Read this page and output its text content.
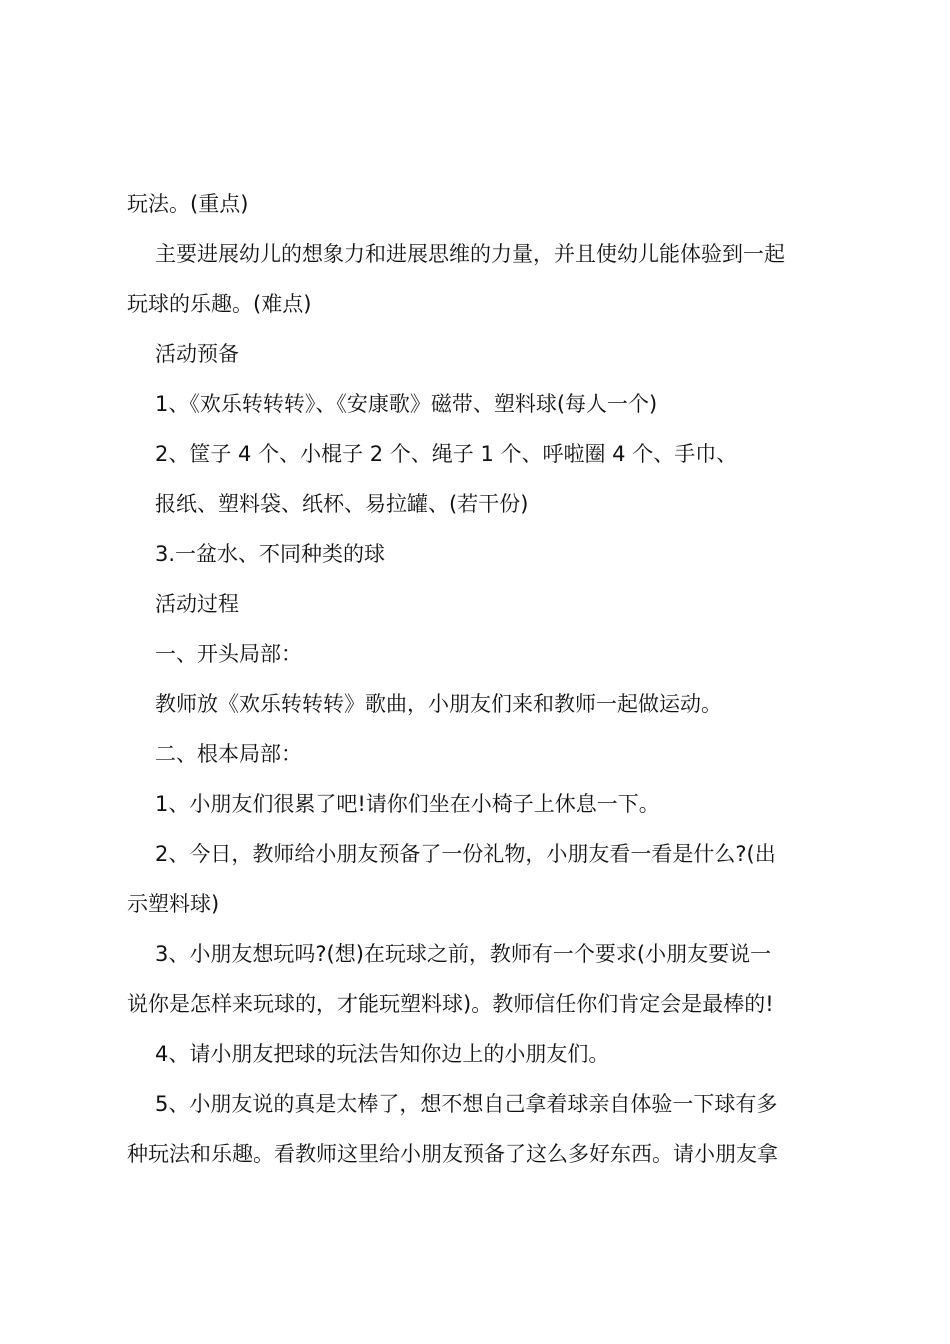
玩法。(重点)
主要进展幼儿的想象力和进展思维的力量，并且使幼儿能体验到一起
玩球的乐趣。(难点)
活动预备
1、《欢乐转转转》、《安康歌》磁带、塑料球(每人一个)
2、筐子 4 个、小棍子 2 个、绳子 1 个、呼啦圈 4 个、手巾、
报纸、塑料袋、纸杯、易拉罐、(若干份)
3.一盆水、不同种类的球
活动过程
一、开头局部：
教师放《欢乐转转转》歌曲，小朋友们来和教师一起做运动。
二、根本局部：
1、小朋友们很累了吧!请你们坐在小椅子上休息一下。
2、今日，教师给小朋友预备了一份礼物，小朋友看一看是什么?(出
示塑料球)
3、小朋友想玩吗?(想)在玩球之前，教师有一个要求(小朋友要说一
说你是怎样来玩球的，才能玩塑料球)。教师信任你们肯定会是最棒的!
4、请小朋友把球的玩法告知你边上的小朋友们。
5、小朋友说的真是太棒了，想不想自己拿着球亲自体验一下球有多
种玩法和乐趣。看教师这里给小朋友预备了这么多好东西。请小朋友拿
